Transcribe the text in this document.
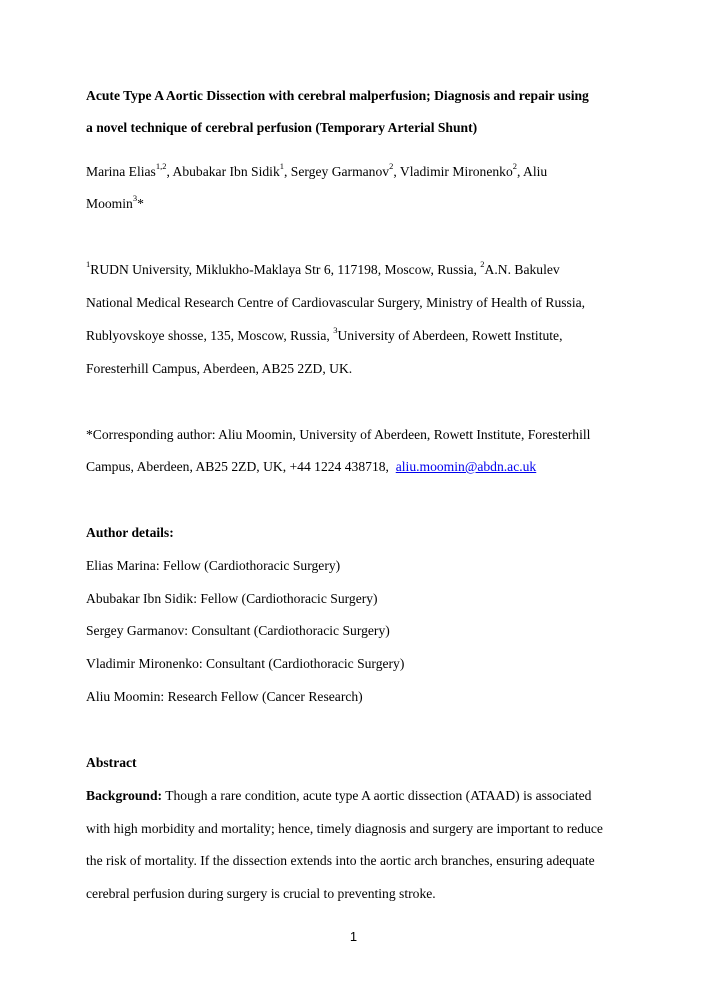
Acute Type A Aortic Dissection with cerebral malperfusion; Diagnosis and repair using
a novel technique of cerebral perfusion (Temporary Arterial Shunt)
Marina Elias$^{1,2}$, Abubakar Ibn Sidik$^1$, Sergey Garmanov$^2$, Vladimir Mironenko$^2$, Aliu
Moomin$^3$*
$^1$RUDN University, Miklukho-Maklaya Str 6, 117198, Moscow, Russia, $^2$A.N. Bakulev
National Medical Research Centre of Cardiovascular Surgery, Ministry of Health of Russia,
Rublyovskoye shosse, 135, Moscow, Russia, $^3$University of Aberdeen, Rowett Institute,
Foresterhill Campus, Aberdeen, AB25 2ZD, UK.
*Corresponding author: Aliu Moomin, University of Aberdeen, Rowett Institute, Foresterhill
Campus, Aberdeen, AB25 2ZD, UK, +44 1224 438718,  aliu.moomin@abdn.ac.uk
Author details:
Elias Marina: Fellow (Cardiothoracic Surgery)
Abubakar Ibn Sidik: Fellow (Cardiothoracic Surgery)
Sergey Garmanov: Consultant (Cardiothoracic Surgery)
Vladimir Mironenko: Consultant (Cardiothoracic Surgery)
Aliu Moomin: Research Fellow (Cancer Research)
Abstract
Background: Though a rare condition, acute type A aortic dissection (ATAAD) is associated
with high morbidity and mortality; hence, timely diagnosis and surgery are important to reduce
the risk of mortality. If the dissection extends into the aortic arch branches, ensuring adequate
cerebral perfusion during surgery is crucial to preventing stroke.
1
